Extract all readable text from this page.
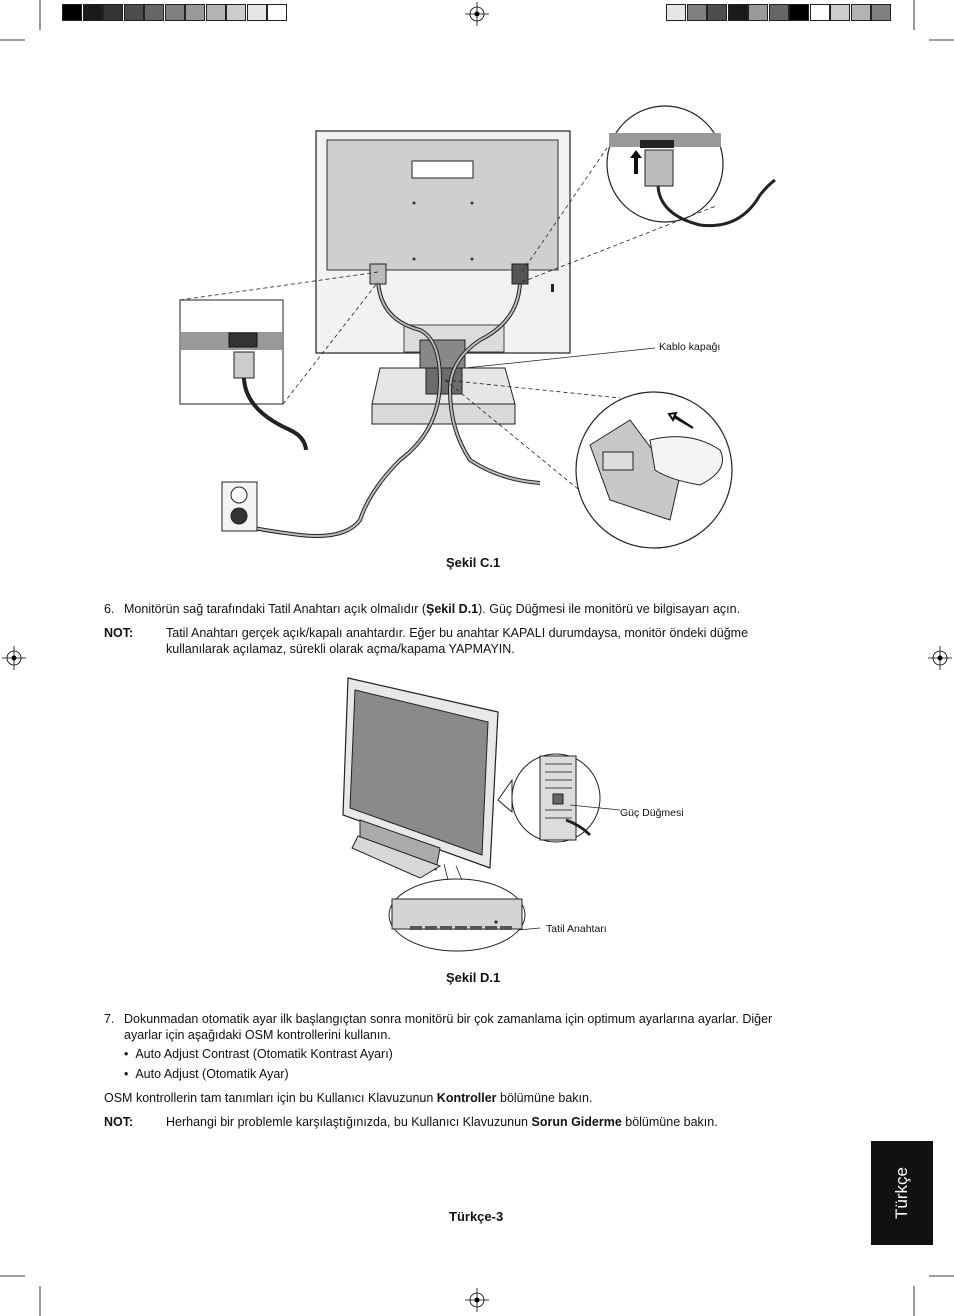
Kablo kapağı
Şekil C.1
6. Monitörün sağ tarafındaki Tatil Anahtarı açık olmalıdır (Şekil D.1). Güç Düğmesi ile monitörü ve bilgisayarı açın.
NOT:	Tatil Anahtarı gerçek açık/kapalı anahtardır. Eğer bu anahtar KAPALI durumdaysa, monitör öndeki düğme
kullanılarak açılamaz, sürekli olarak açma/kapama YAPMAYIN.
Güç Düğmesi
Tatil Anahtarı
Şekil D.1
7. Dokunmadan otomatik ayar ilk başlangıçtan sonra monitörü bir çok zamanlama için optimum ayarlarına ayarlar. Diğer
ayarlar için aşağıdaki OSM kontrollerini kullanın.
•  Auto Adjust Contrast (Otomatik Kontrast Ayarı)
•  Auto Adjust (Otomatik Ayar)
OSM kontrollerin tam tanımları için bu Kullanıcı Klavuzunun Kontroller bölümüne bakın.
NOT:	Herhangi bir problemle karşılaştığınızda, bu Kullanıcı Klavuzunun Sorun Giderme bölümüne bakın.
Türkçe-3	Türkçe
